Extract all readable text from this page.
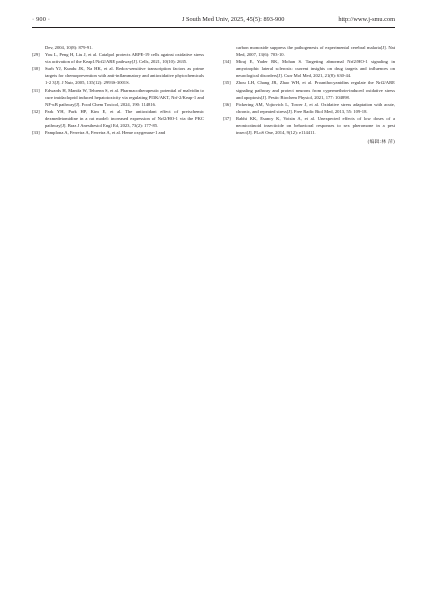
· 900 ·	J South Med Univ, 2025, 45(5): 893-900	http://www.j-smu.com
Dev, 2004, 10(8): 879-91.
[29] You L, Peng H, Liu J, et al. Catalpol protects ARPE-19 cells against oxidative stress via activation of the Keap1/Nrf2/ARE pathway[J]. Cells, 2021, 10(10): 2635.
[30] Surh YJ, Kundu JK, Na HK, et al. Redox-sensitive transcription factors as prime targets for chemoprevention with anti-inflammatory and antioxidative phytochemicals 1-2 3[J]. J Nutr, 2005, 135(12): 2993S-3001S.
[31] Edwards H, Mantfa W, Tehrenn S, et al. Pharmacotherapeutic potential of malvidin to cure imidacloprid induced hepatotoxicity via regulating PI3K/AKT, Nrf-2/Keap-1 and NF-κB pathway[J]. Food Chem Toxicol, 2024, 190: 114816.
[32] Park YH, Park HP, Kim E, et al. The antioxidant effect of preischemic dexmedetomidine in a rat model: increased expression of Nrf2/HO-1 via the PKC pathway[J]. Braz J Anesthesiol Engl Ed, 2023, 73(2): 177-85.
[33] Pamplona A, Ferreira A, Ferreira A, et al. Heme oxygenase-1 and
carbon monoxide suppress the pathogenesis of experimental cerebral malaria[J]. Nat Med, 2007, 13(6): 703-10.
[34] Miraj E, Yader RK, Mohan S. Targeting abnormal Nrf2/HO-1 signaling in amyotrophic lateral sclerosis: current insights on drug targets and influences on neurological disorders[J]. Curr Mol Med, 2021, 21(8): 630-44.
[35] Zhou LH, Chang JR, Zhao WH, et al. Proanthocyanidins regulate the Nrf2/ARE signaling pathway and protect neurons from cypermethrin-induced oxidative stress and apoptosis[J]. Pestic Biochem Physiol, 2021, 177: 104898.
[36] Pickering AM, Vojtovich L, Tower J, et al. Oxidative stress adaptation with acute, chronic, and repeated stress[J]. Free Radic Biol Med, 2013, 55: 109-18.
[37] Rabhi KK, Esancy K, Voisin A, et al. Unexpected effects of low doses of a neonicotinoid insecticide on behavioral responses to sex pheromone in a pest insect[J]. PLoS One, 2014, 9(12): e114411.
(编辑:林 萍)
